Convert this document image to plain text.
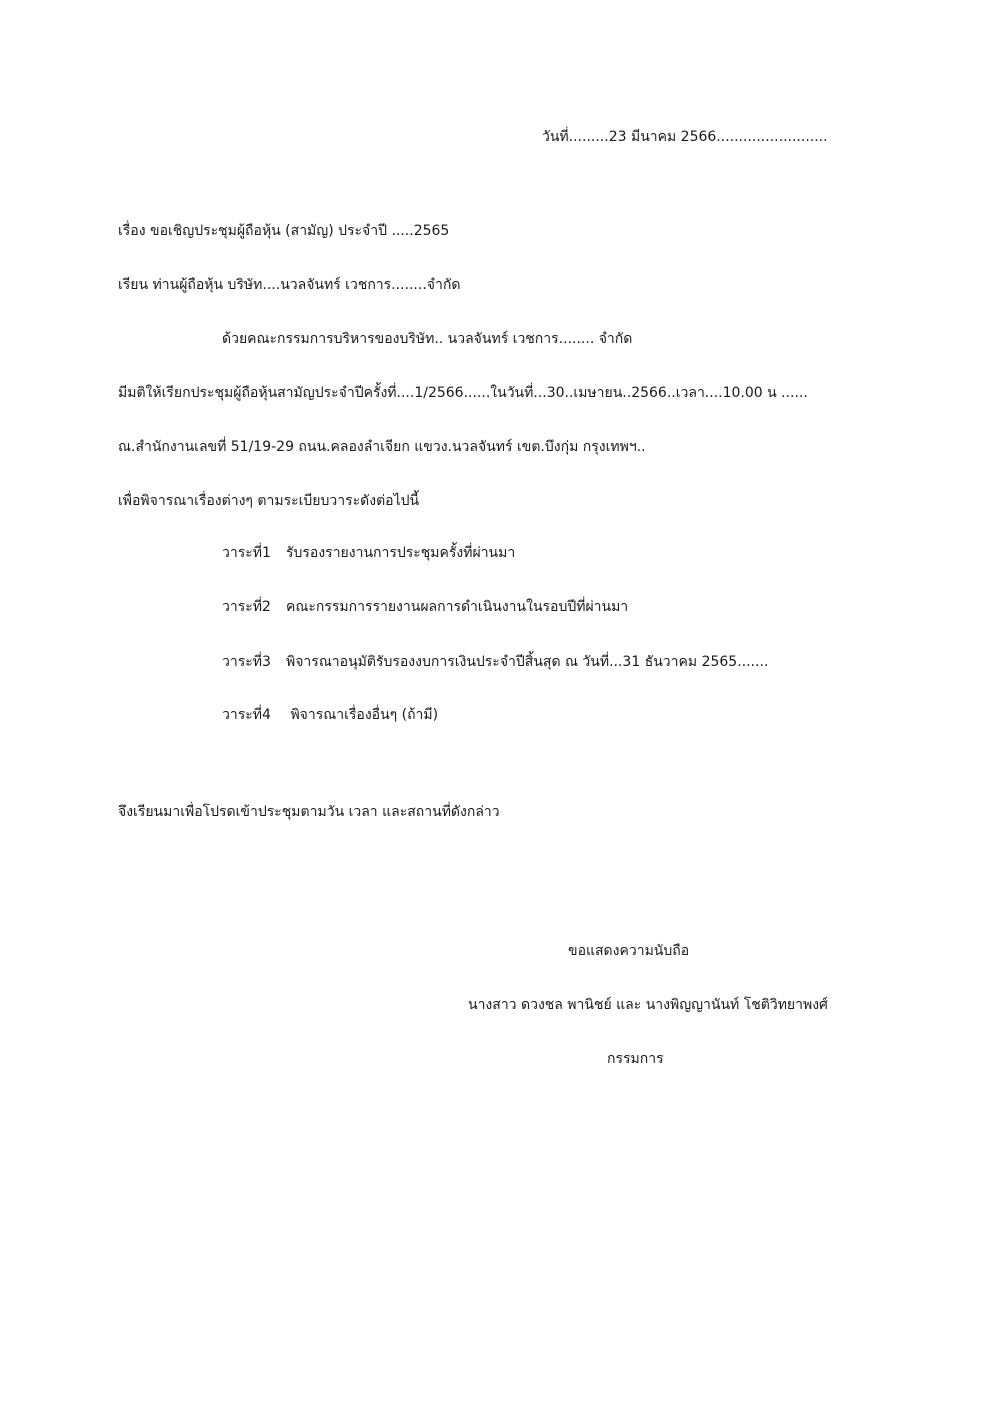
วันที่.........23 มีนาคม 2566.........................
เรื่อง ขอเชิญประชุมผู้ถือหุ้น (สามัญ) ประจำปี .....2565
เรียน ท่านผู้ถือหุ้น บริษัท....นวลจันทร์ เวชการ........จำกัด
ด้วยคณะกรรมการบริหารของบริษัท.. นวลจันทร์ เวชการ........ จำกัด
มีมติให้เรียกประชุมผู้ถือหุ้นสามัญประจำปีครั้งที่....1/2566......ในวันที่...30..เมษายน..2566..เวลา....10.00 น ......
ณ.สำนักงานเลขที่ 51/19-29 ถนน.คลองลำเจียก แขวง.นวลจันทร์ เขต.บึงกุ่ม กรุงเทพฯ..
เพื่อพิจารณาเรื่องต่างๆ ตามระเบียบวาระดังต่อไปนี้
วาระที่1 รับรองรายงานการประชุมครั้งที่ผ่านมา
วาระที่2 คณะกรรมการรายงานผลการดำเนินงานในรอบปีที่ผ่านมา
วาระที่3 พิจารณาอนุมัติรับรองงบการเงินประจำปีสิ้นสุด ณ วันที่...31 ธันวาคม 2565.......
วาระที่4 พิจารณาเรื่องอื่นๆ (ถ้ามี)
จึงเรียนมาเพื่อโปรดเข้าประชุมตามวัน เวลา และสถานที่ดังกล่าว
ขอแสดงความนับถือ
นางสาว ดวงชล พานิชย์ และ นางพิญญานันท์ โชติวิทยาพงศ์
กรรมการ
